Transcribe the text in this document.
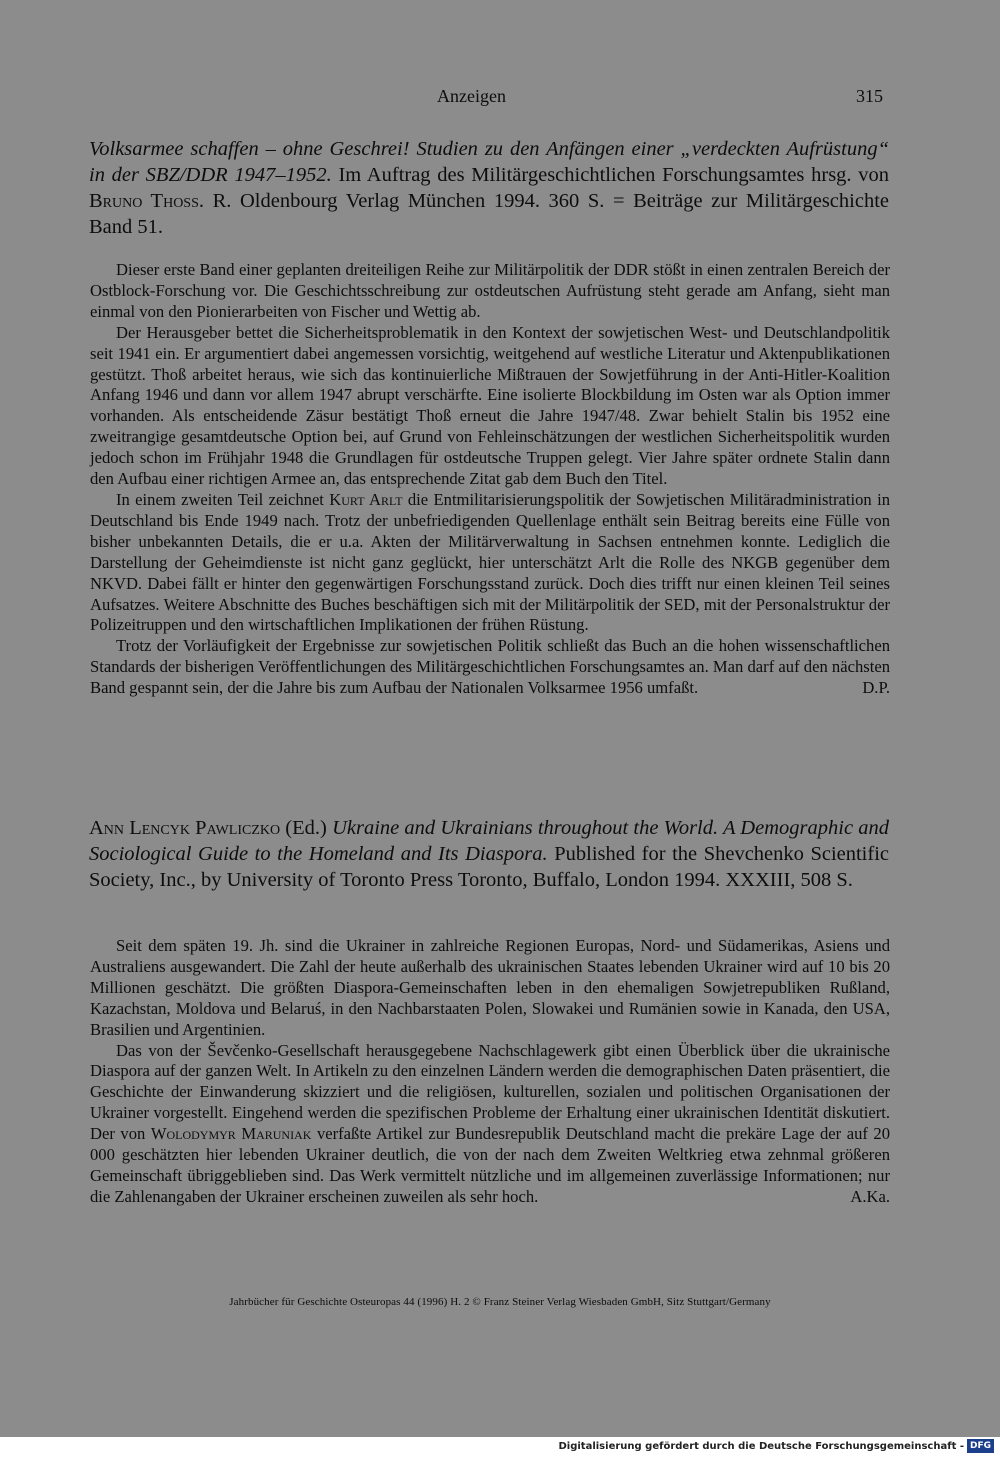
Anzeigen	315
Volksarmee schaffen – ohne Geschrei! Studien zu den Anfängen einer „verdeckten Aufrüstung“ in der SBZ/DDR 1947–1952. Im Auftrag des Militärgeschichtlichen Forschungsamtes hrsg. von Bruno Thoß. R. Oldenbourg Verlag München 1994. 360 S. = Beiträge zur Militärgeschichte Band 51.

Dieser erste Band einer geplanten dreiteiligen Reihe zur Militärpolitik der DDR stößt in einen zentralen Bereich der Ostblock-Forschung vor. Die Geschichtsschreibung zur ostdeutschen Aufrüstung steht gerade am Anfang, sieht man einmal von den Pionierarbeiten von Fischer und Wettig ab.

Der Herausgeber bettet die Sicherheitsproblematik in den Kontext der sowjetischen West- und Deutschlandpolitik seit 1941 ein. Er argumentiert dabei angemessen vorsichtig, weitgehend auf westliche Literatur und Aktenpublikationen gestützt. Thoß arbeitet heraus, wie sich das kontinuierliche Mißtrauen der Sowjetführung in der Anti-Hitler-Koalition Anfang 1946 und dann vor allem 1947 abrupt verschärfte. Eine isolierte Blockbildung im Osten war als Option immer vorhanden. Als entscheidende Zäsur bestätigt Thoß erneut die Jahre 1947/48. Zwar behielt Stalin bis 1952 eine zweitrangige gesamtdeutsche Option bei, auf Grund von Fehleinschätzungen der westlichen Sicherheitspolitik wurden jedoch schon im Frühjahr 1948 die Grundlagen für ostdeutsche Truppen gelegt. Vier Jahre später ordnete Stalin dann den Aufbau einer richtigen Armee an, das entsprechende Zitat gab dem Buch den Titel.

In einem zweiten Teil zeichnet Kurt Arlt die Entmilitarisierungspolitik der Sowjetischen Militäradministration in Deutschland bis Ende 1949 nach. Trotz der unbefriedigenden Quellenlage enthält sein Beitrag bereits eine Fülle von bisher unbekannten Details, die er u.a. Akten der Militärverwaltung in Sachsen entnehmen konnte. Lediglich die Darstellung der Geheimdienste ist nicht ganz geglückt, hier unterschätzt Arlt die Rolle des NKGB gegenüber dem NKVD. Dabei fällt er hinter den gegenwärtigen Forschungsstand zurück. Doch dies trifft nur einen kleinen Teil seines Aufsatzes. Weitere Abschnitte des Buches beschäftigen sich mit der Militärpolitik der SED, mit der Personalstruktur der Polizeitruppen und den wirtschaftlichen Implikationen der frühen Rüstung.

Trotz der Vorläufigkeit der Ergebnisse zur sowjetischen Politik schließt das Buch an die hohen wissenschaftlichen Standards der bisherigen Veröffentlichungen des Militärgeschichtlichen Forschungsamtes an. Man darf auf den nächsten Band gespannt sein, der die Jahre bis zum Aufbau der Nationalen Volksarmee 1956 umfaßt.	D.P.

Ann Lencyk Pawliczko (Ed.) Ukraine and Ukrainians throughout the World. A Demographic and Sociological Guide to the Homeland and Its Diaspora. Published for the Shevchenko Scientific Society, Inc., by University of Toronto Press Toronto, Buffalo, London 1994. XXXIII, 508 S.

Seit dem späten 19. Jh. sind die Ukrainer in zahlreiche Regionen Europas, Nord- und Südamerikas, Asiens und Australiens ausgewandert. Die Zahl der heute außerhalb des ukrainischen Staates lebenden Ukrainer wird auf 10 bis 20 Millionen geschätzt. Die größten Diaspora-Gemeinschaften leben in den ehemaligen Sowjetrepubliken Rußland, Kazachstan, Moldova und Belaruś, in den Nachbarstaaten Polen, Slowakei und Rumänien sowie in Kanada, den USA, Brasilien und Argentinien.

Das von der Ševčenko-Gesellschaft herausgegebene Nachschlagewerk gibt einen Überblick über die ukrainische Diaspora auf der ganzen Welt. In Artikeln zu den einzelnen Ländern werden die demographischen Daten präsentiert, die Geschichte der Einwanderung skizziert und die religiösen, kulturellen, sozialen und politischen Organisationen der Ukrainer vorgestellt. Eingehend werden die spezifischen Probleme der Erhaltung einer ukrainischen Identität diskutiert. Der von Wolodymyr Maruniak verfaßte Artikel zur Bundesrepublik Deutschland macht die prekäre Lage der auf 20 000 geschätzten hier lebenden Ukrainer deutlich, die von der nach dem Zweiten Weltkrieg etwa zehnmal größeren Gemeinschaft übriggeblieben sind. Das Werk vermittelt nützliche und im allgemeinen zuverlässige Informationen; nur die Zahlenangaben der Ukrainer erscheinen zuweilen als sehr hoch.	A.Ka.

Jahrbücher für Geschichte Osteuropas 44 (1996) H. 2 © Franz Steiner Verlag Wiesbaden GmbH, Sitz Stuttgart/Germany
Digitalisierung gefördert durch die Deutsche Forschungsgemeinschaft - DFG
